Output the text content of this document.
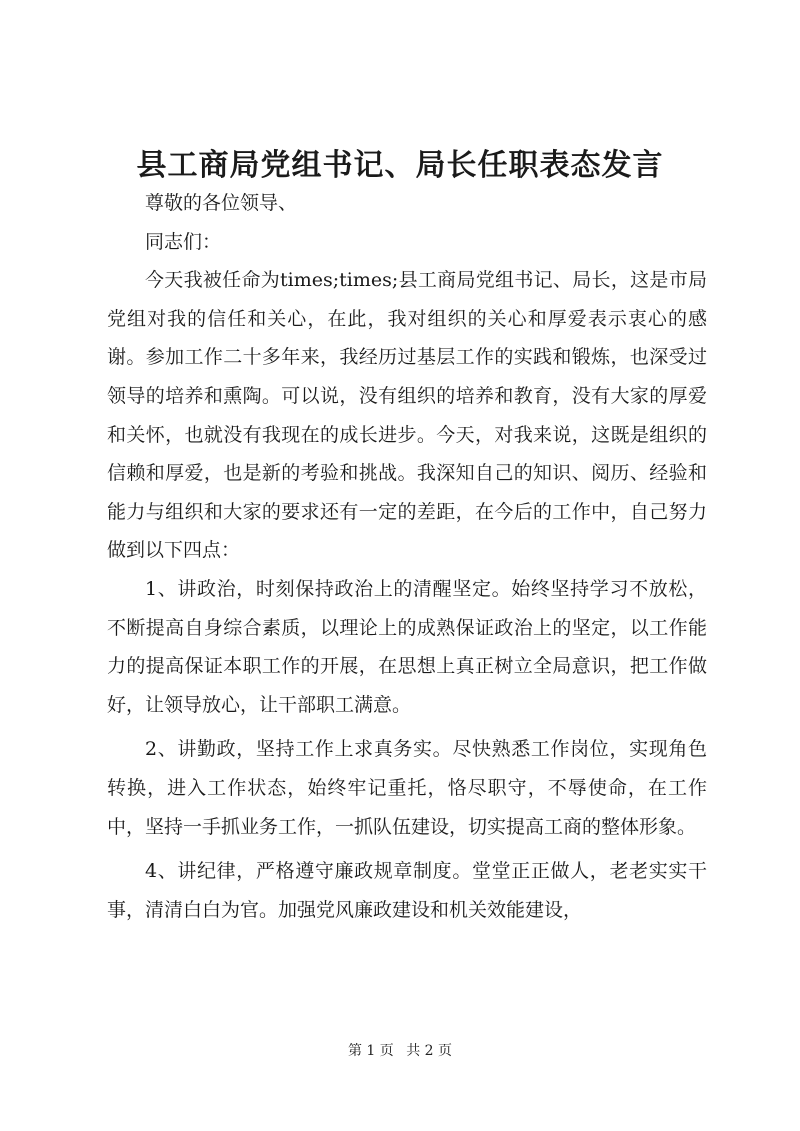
县工商局党组书记、局长任职表态发言

尊敬的各位领导、

同志们：

今天我被任命为times;times;县工商局党组书记、局长，这是市局党组对我的信任和关心，在此，我对组织的关心和厚爱表示衷心的感谢。参加工作二十多年来，我经历过基层工作的实践和锻炼，也深受过领导的培养和熏陶。可以说，没有组织的培养和教育，没有大家的厚爱和关怀，也就没有我现在的成长进步。今天，对我来说，这既是组织的信赖和厚爱，也是新的考验和挑战。我深知自己的知识、阅历、经验和能力与组织和大家的要求还有一定的差距，在今后的工作中，自己努力做到以下四点：

1、讲政治，时刻保持政治上的清醒坚定。始终坚持学习不放松，不断提高自身综合素质，以理论上的成熟保证政治上的坚定，以工作能力的提高保证本职工作的开展，在思想上真正树立全局意识，把工作做好，让领导放心，让干部职工满意。

2、讲勤政，坚持工作上求真务实。尽快熟悉工作岗位，实现角色转换，进入工作状态，始终牢记重托，恪尽职守，不辱使命，在工作中，坚持一手抓业务工作，一抓队伍建设，切实提高工商的整体形象。

4、讲纪律，严格遵守廉政规章制度。堂堂正正做人，老老实实干事，清清白白为官。加强党风廉政建设和机关效能建设，

第 1 页 共 2 页
